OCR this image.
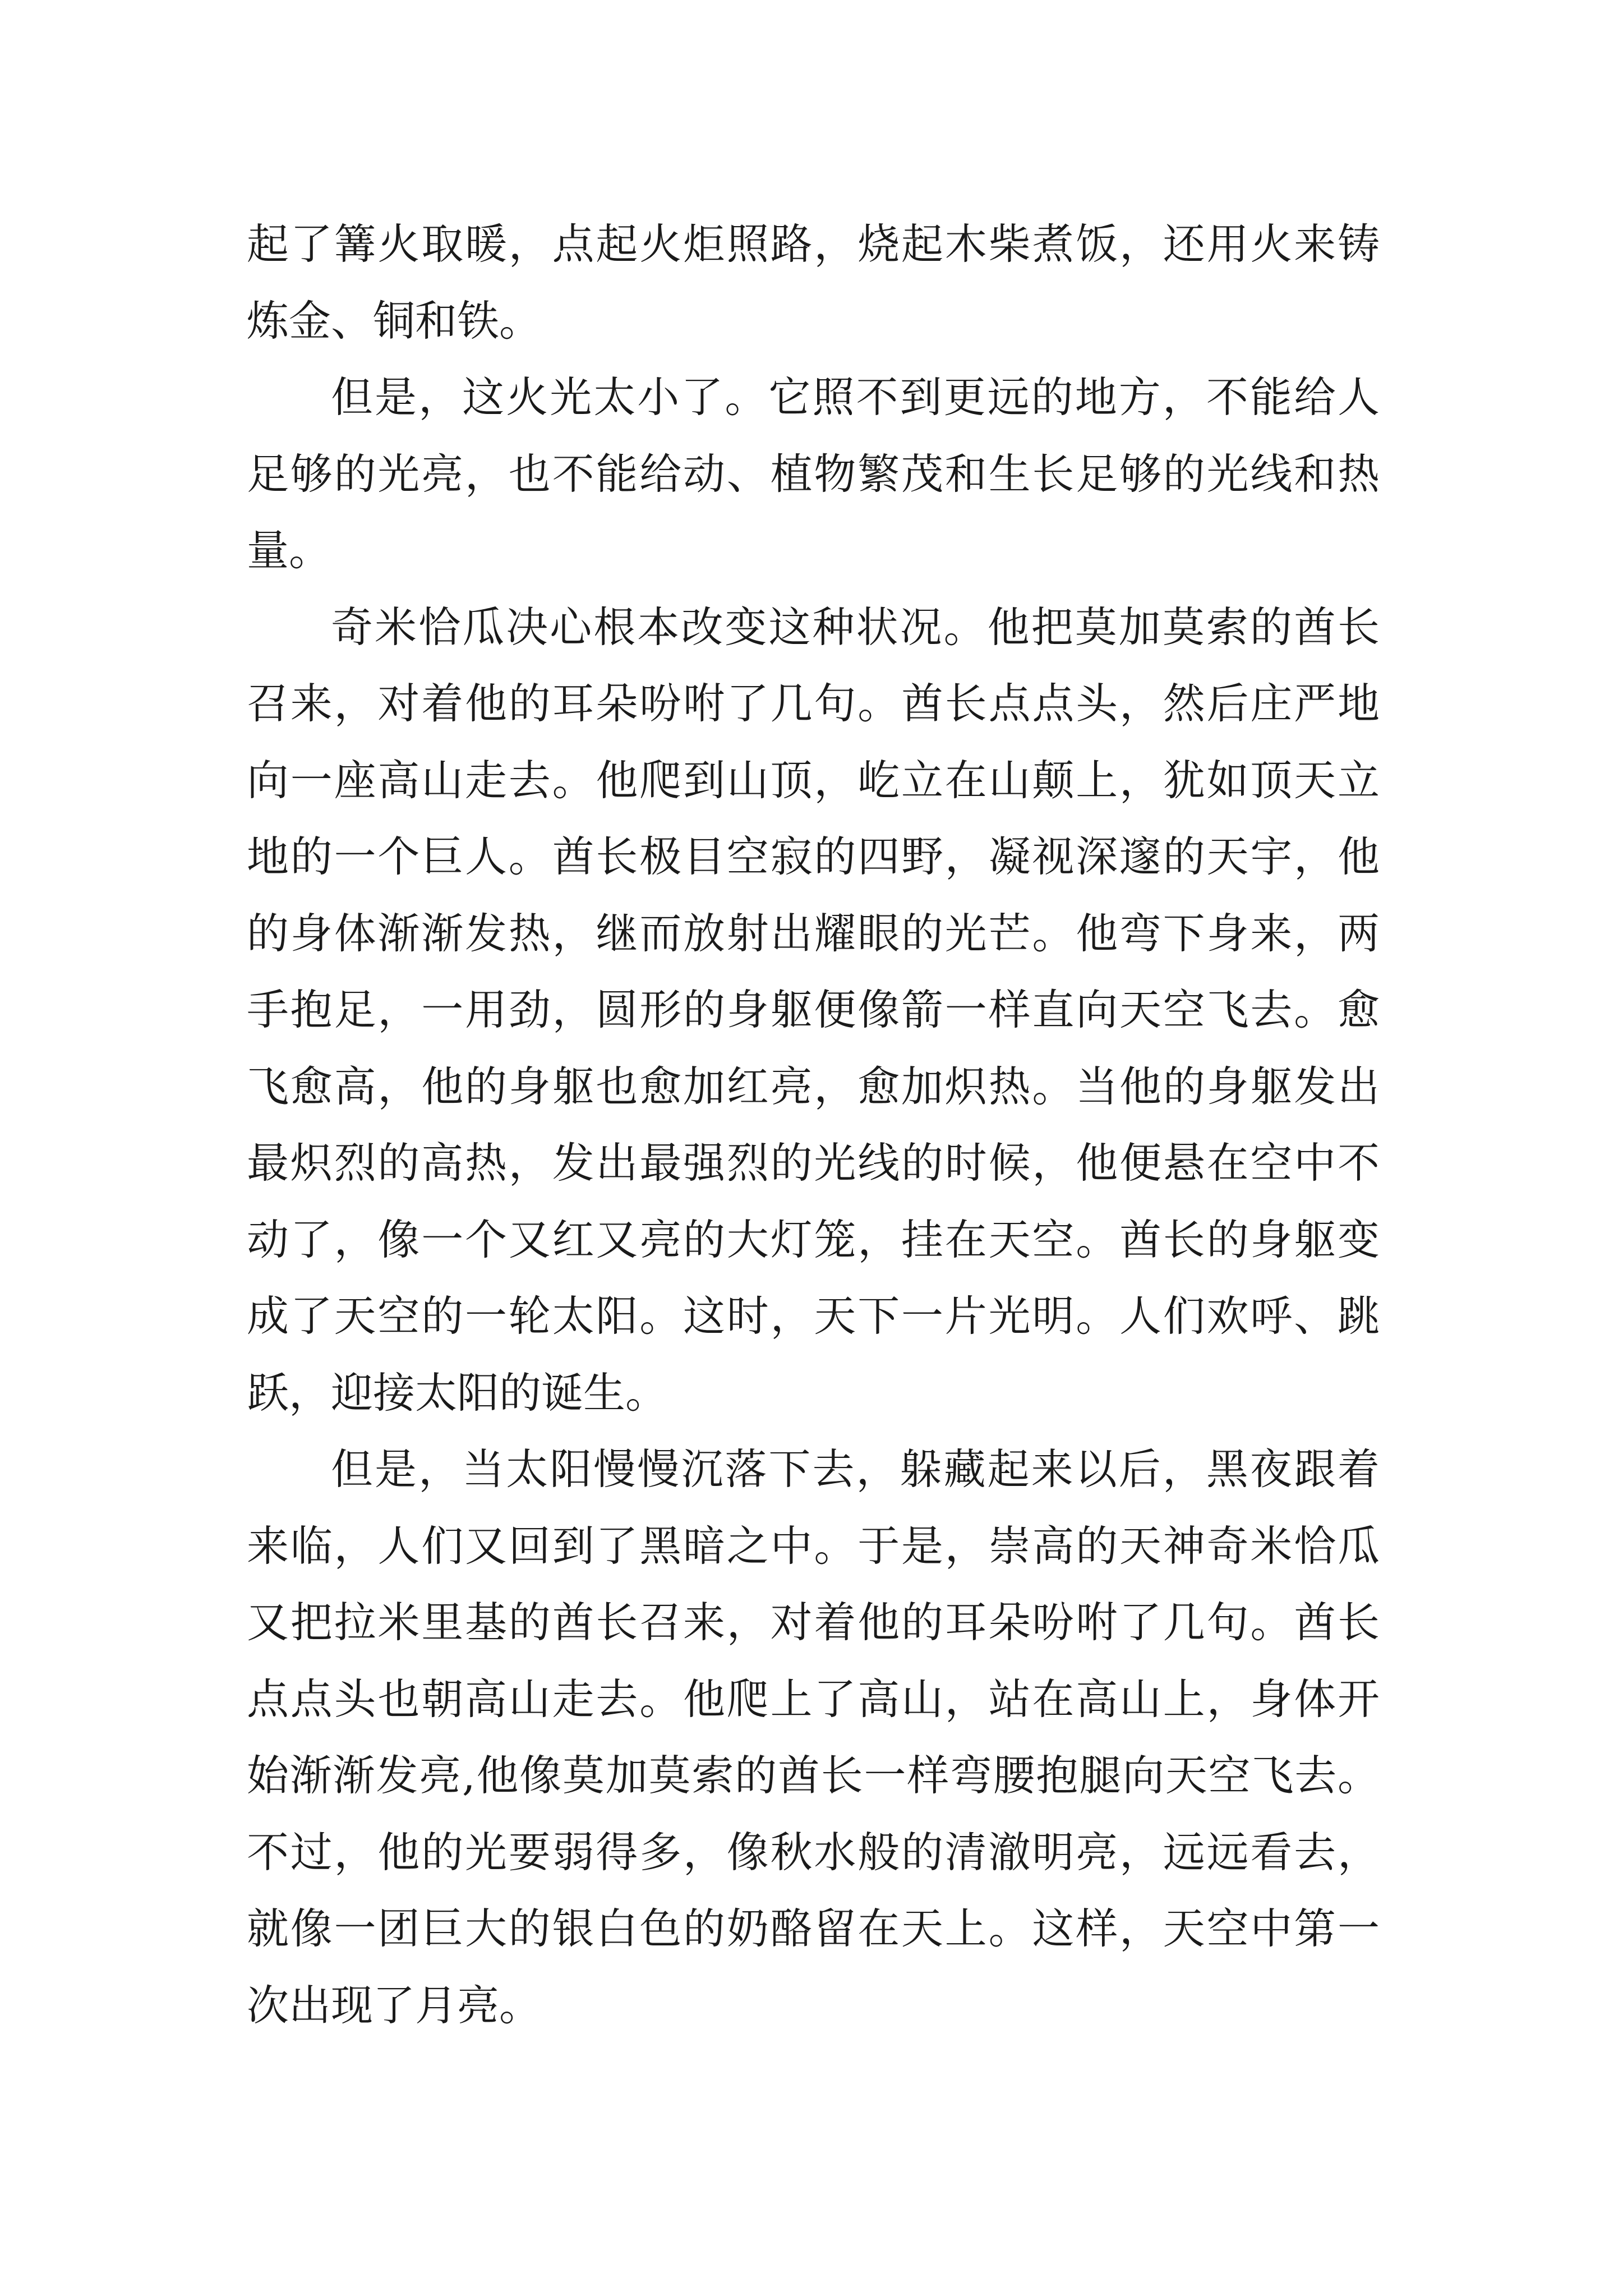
起了篝火取暖，点起火炬照路，烧起木柴煮饭，还用火来铸炼金、铜和铁。

但是，这火光太小了。它照不到更远的地方，不能给人足够的光亮，也不能给动、植物繁茂和生长足够的光线和热量。

奇米恰瓜决心根本改变这种状况。他把莫加莫索的酋长召来，对着他的耳朵吩咐了几句。酋长点点头，然后庄严地向一座高山走去。他爬到山顶，屹立在山颠上，犹如顶天立地的一个巨人。酋长极目空寂的四野，凝视深邃的天宇，他的身体渐渐发热，继而放射出耀眼的光芒。他弯下身来，两手抱足，一用劲，圆形的身躯便像箭一样直向天空飞去。愈飞愈高，他的身躯也愈加红亮，愈加炽热。当他的身躯发出最炽烈的高热，发出最强烈的光线的时候，他便悬在空中不动了，像一个又红又亮的大灯笼，挂在天空。酋长的身躯变成了天空的一轮太阳。这时，天下一片光明。人们欢呼、跳跃，迎接太阳的诞生。

但是，当太阳慢慢沉落下去，躲藏起来以后，黑夜跟着来临，人们又回到了黑暗之中。于是，崇高的天神奇米恰瓜又把拉米里基的酋长召来，对着他的耳朵吩咐了几句。酋长点点头也朝高山走去。他爬上了高山，站在高山上，身体开始渐渐发亮,他像莫加莫索的酋长一样弯腰抱腿向天空飞去。不过，他的光要弱得多，像秋水般的清澈明亮，远远看去，就像一团巨大的银白色的奶酪留在天上。这样，天空中第一次出现了月亮。
